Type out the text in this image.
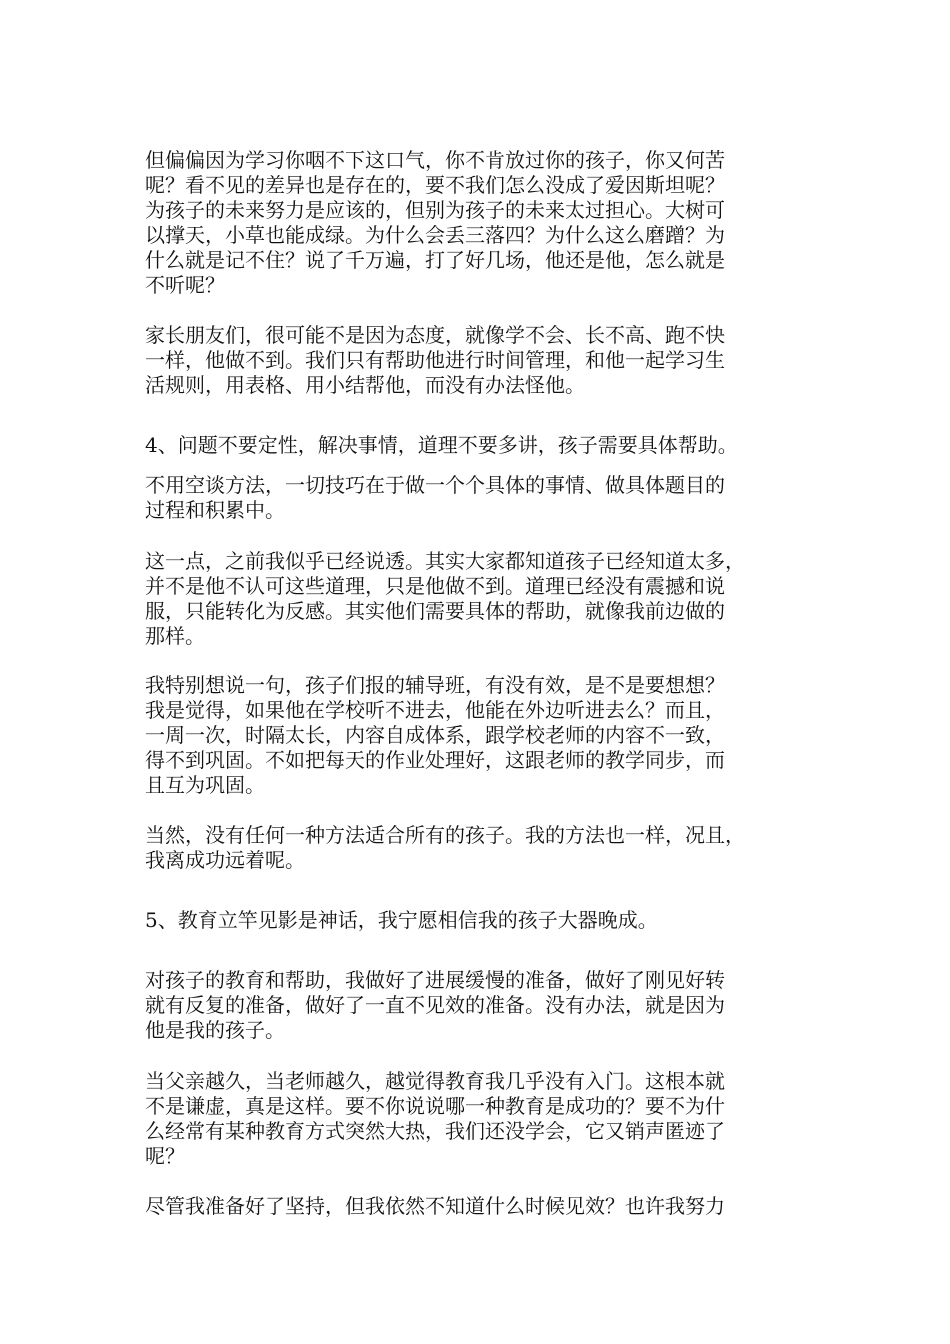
但偏偏因为学习你咽不下这口气，你不肯放过你的孩子，你又何苦
呢？看不见的差异也是存在的，要不我们怎么没成了爱因斯坦呢？
为孩子的未来努力是应该的，但别为孩子的未来太过担心。大树可
以撑天，小草也能成绿。为什么会丢三落四？为什么这么磨蹭？为
什么就是记不住？说了千万遍，打了好几场，他还是他，怎么就是
不听呢？

家长朋友们，很可能不是因为态度，就像学不会、长不高、跑不快
一样，他做不到。我们只有帮助他进行时间管理，和他一起学习生
活规则，用表格、用小结帮他，而没有办法怪他。

4、问题不要定性，解决事情，道理不要多讲，孩子需要具体帮助。

不用空谈方法，一切技巧在于做一个个具体的事情、做具体题目的
过程和积累中。

这一点，之前我似乎已经说透。其实大家都知道孩子已经知道太多，
并不是他不认可这些道理，只是他做不到。道理已经没有震撼和说
服，只能转化为反感。其实他们需要具体的帮助，就像我前边做的
那样。

我特别想说一句，孩子们报的辅导班，有没有效，是不是要想想？
我是觉得，如果他在学校听不进去，他能在外边听进去么？而且，
一周一次，时隔太长，内容自成体系，跟学校老师的内容不一致，
得不到巩固。不如把每天的作业处理好，这跟老师的教学同步，而
且互为巩固。

当然，没有任何一种方法适合所有的孩子。我的方法也一样，况且，
我离成功远着呢。

5、教育立竿见影是神话，我宁愿相信我的孩子大器晚成。

对孩子的教育和帮助，我做好了进展缓慢的准备，做好了刚见好转
就有反复的准备，做好了一直不见效的准备。没有办法，就是因为
他是我的孩子。

当父亲越久，当老师越久，越觉得教育我几乎没有入门。这根本就
不是谦虚，真是这样。要不你说说哪一种教育是成功的？要不为什
么经常有某种教育方式突然大热，我们还没学会，它又销声匿迹了
呢？

尽管我准备好了坚持，但我依然不知道什么时候见效？也许我努力
